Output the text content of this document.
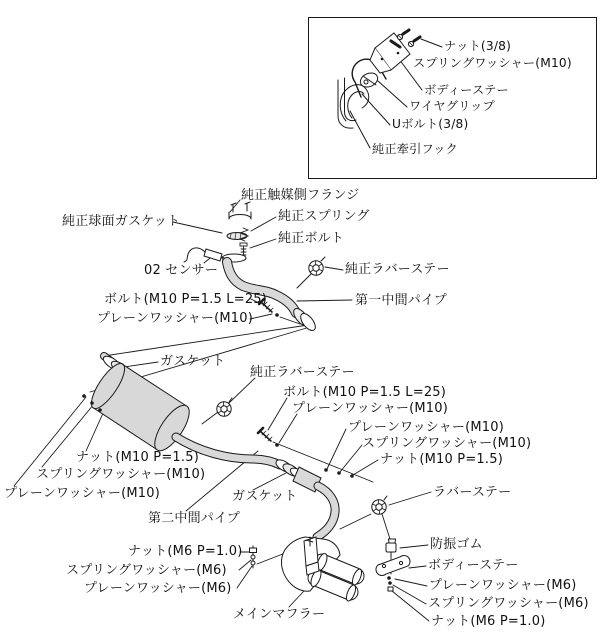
ナット(3/8)
スプリングワッシャー(M10)
ボディーステー
ワイヤグリップ
Uボルト(3/8)
純正牽引フック
純正触媒側フランジ
純正球面ガスケット	純正スプリング
純正ボルト
02 センサー	純正ラバーステー
ボルト(M10 P=1.5 L=25)	第一中間パイプ
プレーンワッシャー(M10)
ガスケット
純正ラバーステー
ボルト(M10 P=1.5 L=25)
プレーンワッシャー(M10)
プレーンワッシャー(M10)
スプリングワッシャー(M10)
ナット(M10 P=1.5)
ナット(M10 P=1.5)
スプリングワッシャー(M10)
プレーンワッシャー(M10)	ガスケット	ラバーステー
第二中間パイプ
ナット(M6 P=1.0)
スプリングワッシャー(M6)
プレーンワッシャー(M6)
メインマフラー
防振ゴム
ボディーステー
プレーンワッシャー(M6)
スプリングワッシャー(M6)
ナット(M6 P=1.0)
